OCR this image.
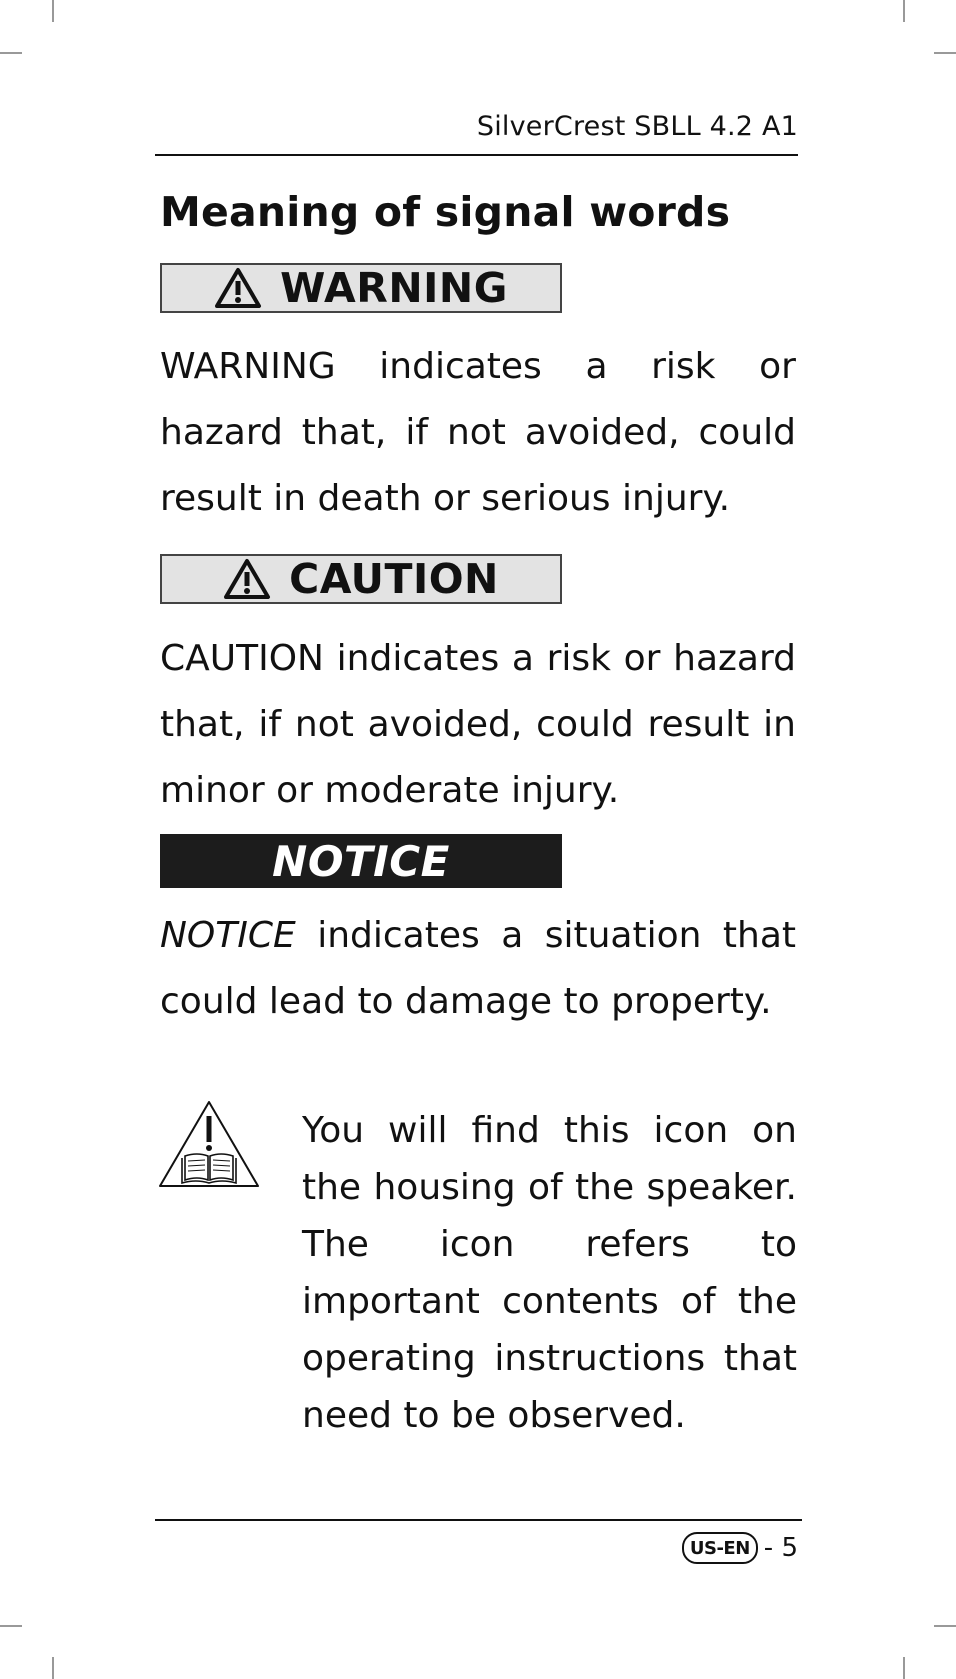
SilverCrest SBLL 4.2 A1
Meaning of signal words
WARNING

WARNING indicates a risk or hazard that, if not avoided, could result in death or serious injury.

CAUTION

CAUTION indicates a risk or hazard that, if not avoided, could result in minor or moderate injury.

NOTICE

NOTICE indicates a situation that could lead to damage to property.

You will find this icon on the housing of the speaker. The icon refers to important contents of the operating instructions that need to be observed.

US-EN - 5
